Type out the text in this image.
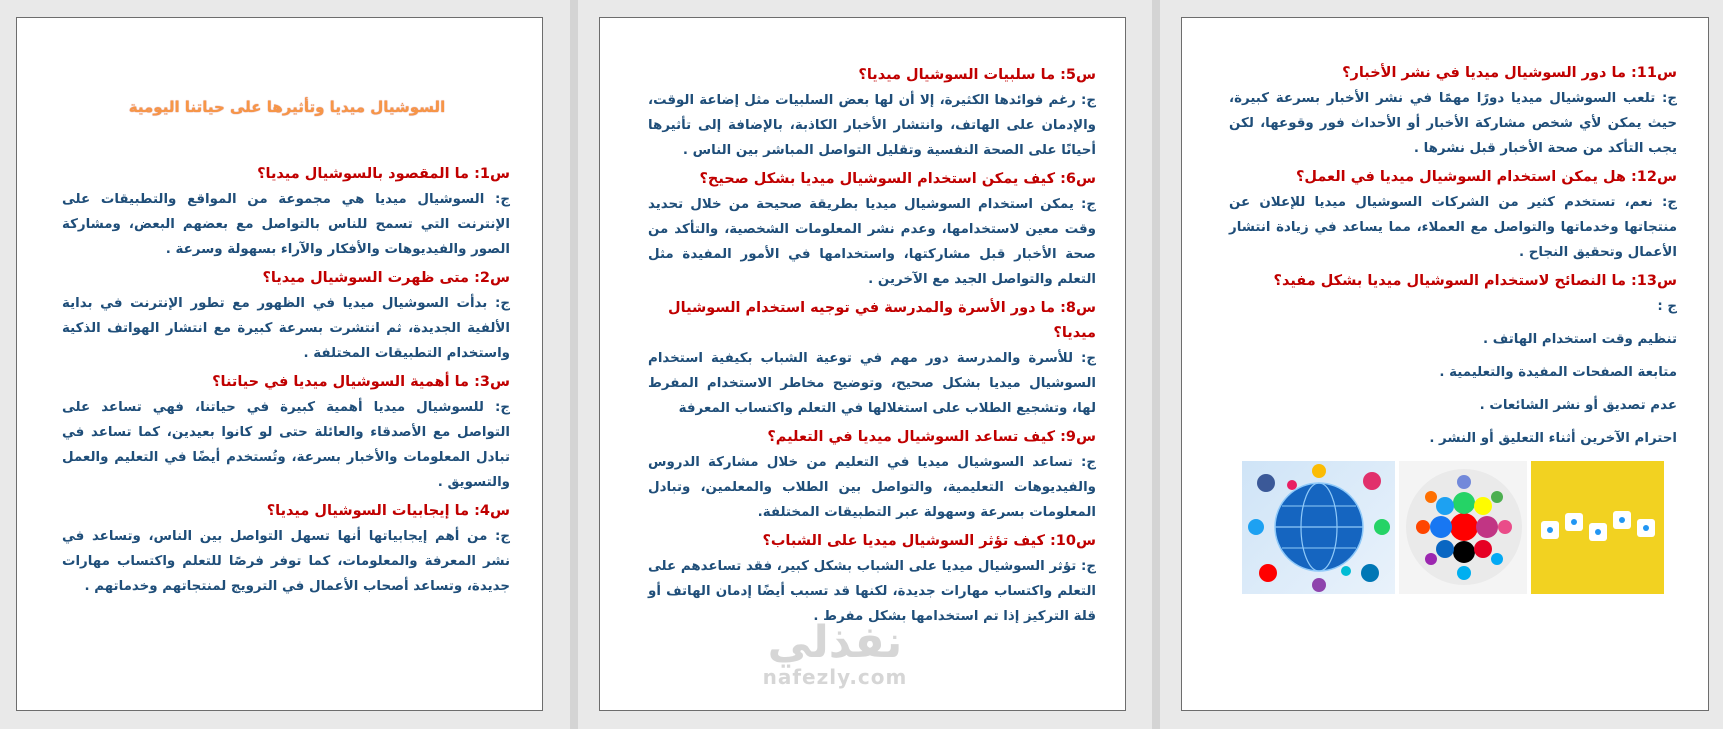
السوشيال ميديا وتأثيرها على حياتنا اليومية
س1: ما المقصود بالسوشيال ميديا؟
ج: السوشيال ميديا هي مجموعة من المواقع والتطبيقات على الإنترنت التي تسمح للناس بالتواصل مع بعضهم البعض، ومشاركة الصور والفيديوهات والأفكار والآراء بسهولة وسرعة .
س2: متى ظهرت السوشيال ميديا؟
ج: بدأت السوشيال ميديا في الظهور مع تطور الإنترنت في بداية الألفية الجديدة، ثم انتشرت بسرعة كبيرة مع انتشار الهواتف الذكية واستخدام التطبيقات المختلفة .
س3: ما أهمية السوشيال ميديا في حياتنا؟
ج: للسوشيال ميديا أهمية كبيرة في حياتنا، فهي تساعد على التواصل مع الأصدقاء والعائلة حتى لو كانوا بعيدين، كما تساعد في تبادل المعلومات والأخبار بسرعة، وتُستخدم أيضًا في التعليم والعمل والتسويق .
س4: ما إيجابيات السوشيال ميديا؟
ج: من أهم إيجابياتها أنها تسهل التواصل بين الناس، وتساعد في نشر المعرفة والمعلومات، كما توفر فرصًا للتعلم واكتساب مهارات جديدة، وتساعد أصحاب الأعمال في الترويج لمنتجاتهم وخدماتهم .
س5: ما سلبيات السوشيال ميديا؟
ج: رغم فوائدها الكثيرة، إلا أن لها بعض السلبيات مثل إضاعة الوقت، والإدمان على الهاتف، وانتشار الأخبار الكاذبة، بالإضافة إلى تأثيرها أحيانًا على الصحة النفسية وتقليل التواصل المباشر بين الناس .
س6: كيف يمكن استخدام السوشيال ميديا بشكل صحيح؟
ج: يمكن استخدام السوشيال ميديا بطريقة صحيحة من خلال تحديد وقت معين لاستخدامها، وعدم نشر المعلومات الشخصية، والتأكد من صحة الأخبار قبل مشاركتها، واستخدامها في الأمور المفيدة مثل التعلم والتواصل الجيد مع الآخرين .
س8: ما دور الأسرة والمدرسة في توجيه استخدام السوشيال ميديا؟
ج: للأسرة والمدرسة دور مهم في توعية الشباب بكيفية استخدام السوشيال ميديا بشكل صحيح، وتوضيح مخاطر الاستخدام المفرط لها، وتشجيع الطلاب على استغلالها في التعلم واكتساب المعرفة
س9: كيف تساعد السوشيال ميديا في التعليم؟
ج: تساعد السوشيال ميديا في التعليم من خلال مشاركة الدروس والفيديوهات التعليمية، والتواصل بين الطلاب والمعلمين، وتبادل المعلومات بسرعة وسهولة عبر التطبيقات المختلفة.
س10: كيف تؤثر السوشيال ميديا على الشباب؟
ج: تؤثر السوشيال ميديا على الشباب بشكل كبير، فقد تساعدهم على التعلم واكتساب مهارات جديدة، لكنها قد تسبب أيضًا إدمان الهاتف أو قلة التركيز إذا تم استخدامها بشكل مفرط .
س11: ما دور السوشيال ميديا في نشر الأخبار؟
ج: تلعب السوشيال ميديا دورًا مهمًا في نشر الأخبار بسرعة كبيرة، حيث يمكن لأي شخص مشاركة الأخبار أو الأحداث فور وقوعها، لكن يجب التأكد من صحة الأخبار قبل نشرها .
س12: هل يمكن استخدام السوشيال ميديا في العمل؟
ج: نعم، تستخدم كثير من الشركات السوشيال ميديا للإعلان عن منتجاتها وخدماتها والتواصل مع العملاء، مما يساعد في زيادة انتشار الأعمال وتحقيق النجاح .
س13: ما النصائح لاستخدام السوشيال ميديا بشكل مفيد؟
ج :
تنظيم وقت استخدام الهاتف .
متابعة الصفحات المفيدة والتعليمية .
عدم تصديق أو نشر الشائعات .
احترام الآخرين أثناء التعليق أو النشر .
نفذلي
nafezly.com
